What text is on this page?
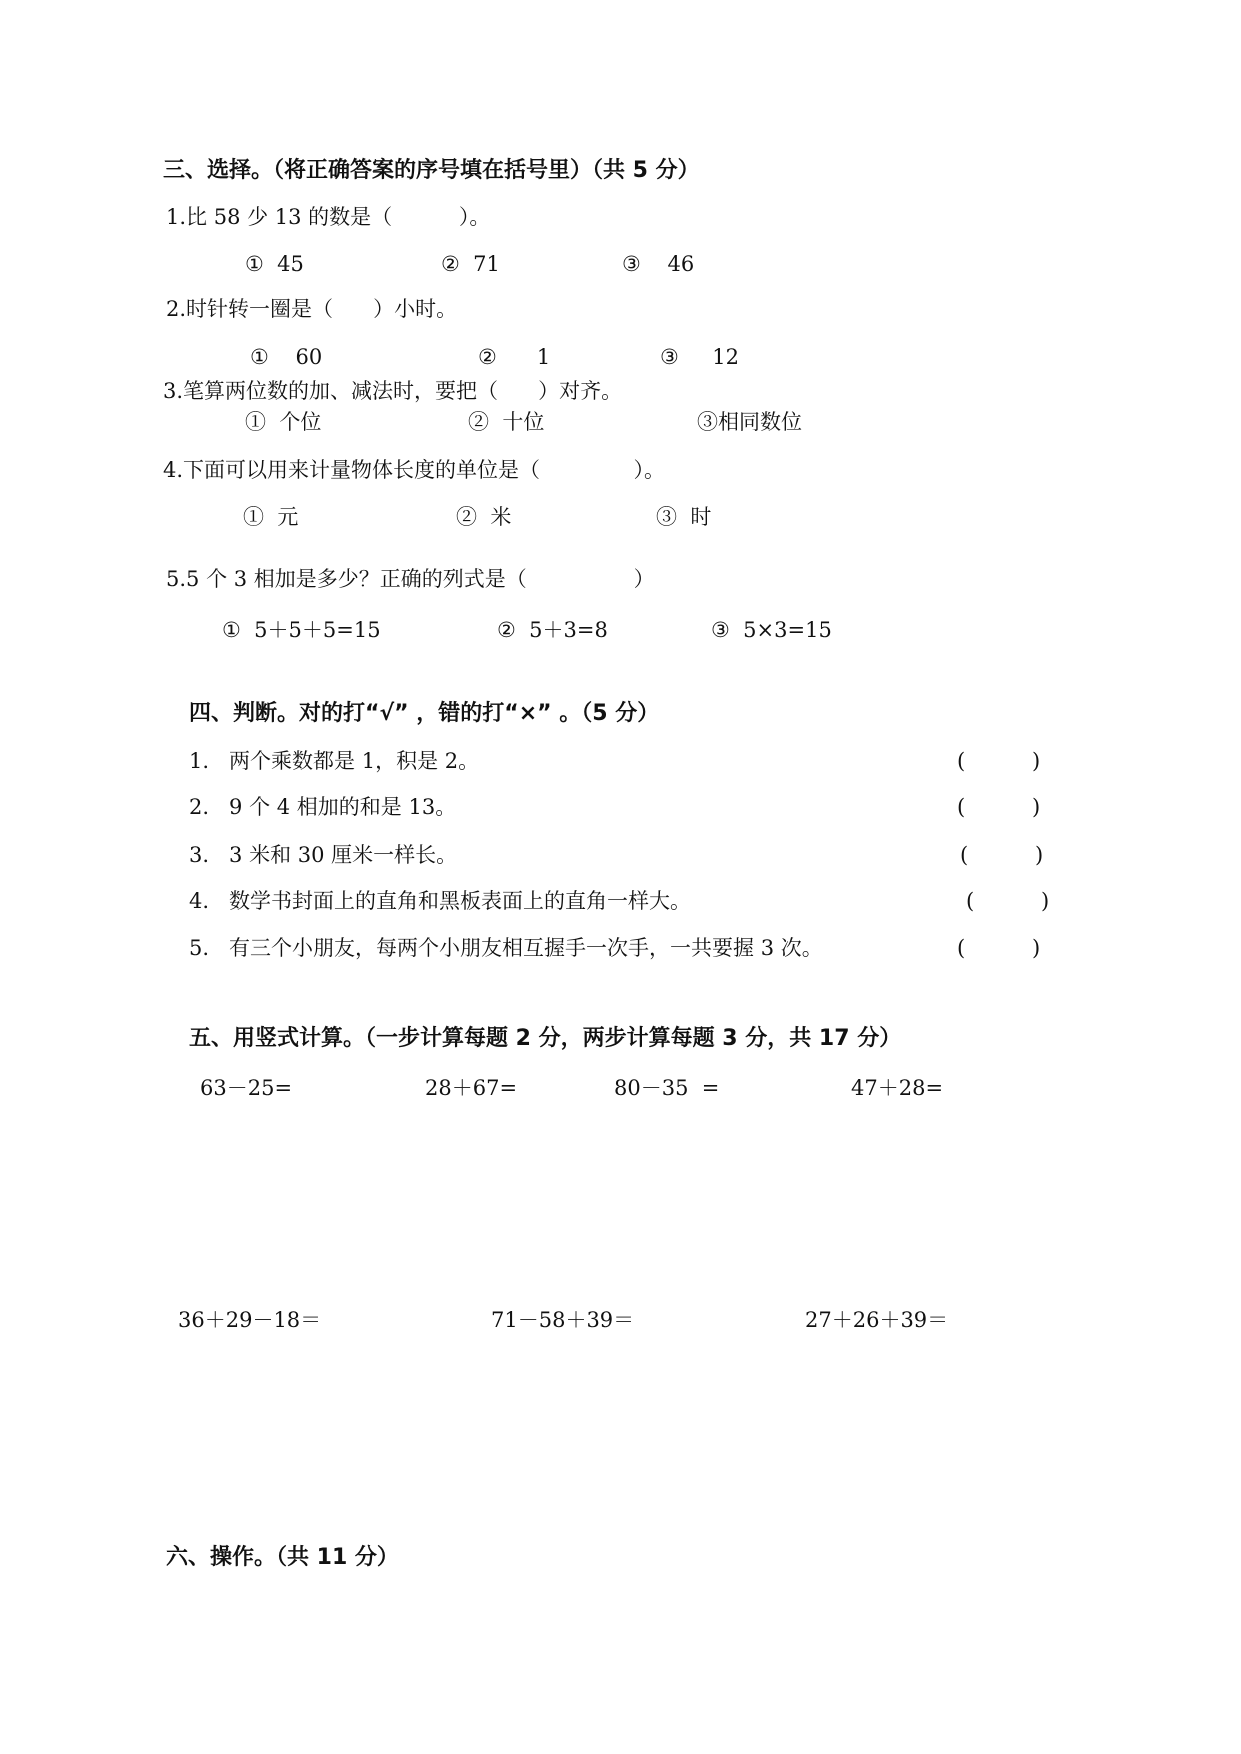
三、选择。（将正确答案的序号填在括号里）（共 5 分）
1.比 58 少 13 的数是（          ）。
①  45	②  71	③    46
2.时针转一圈是（      ）小时。
①    60	②      1	③     12
3.笔算两位数的加、减法时，要把（      ）对齐。
①  个位	②  十位	③相同数位
4.下面可以用来计量物体长度的单位是（              ）。
①  元	②  米	③  时
5.5 个 3 相加是多少？正确的列式是（                ）
①  5＋5＋5=15	②  5＋3=8	③  5×3=15
四、判断。对的打“√” ，错的打“×” 。（5 分）
1.   两个乘数都是 1，积是 2。	(          )
2.   9 个 4 相加的和是 13。	(          )
3.   3 米和 30 厘米一样长。	(          )
4.   数学书封面上的直角和黑板表面上的直角一样大。	(          )
5.   有三个小朋友，每两个小朋友相互握手一次手，一共要握 3 次。	(          )
五、用竖式计算。（一步计算每题 2 分，两步计算每题 3 分，共 17 分）
63－25=	28＋67=	80－35  =	47＋28=
36＋29－18＝	71－58＋39＝	27＋26＋39＝
六、操作。（共 11 分）
